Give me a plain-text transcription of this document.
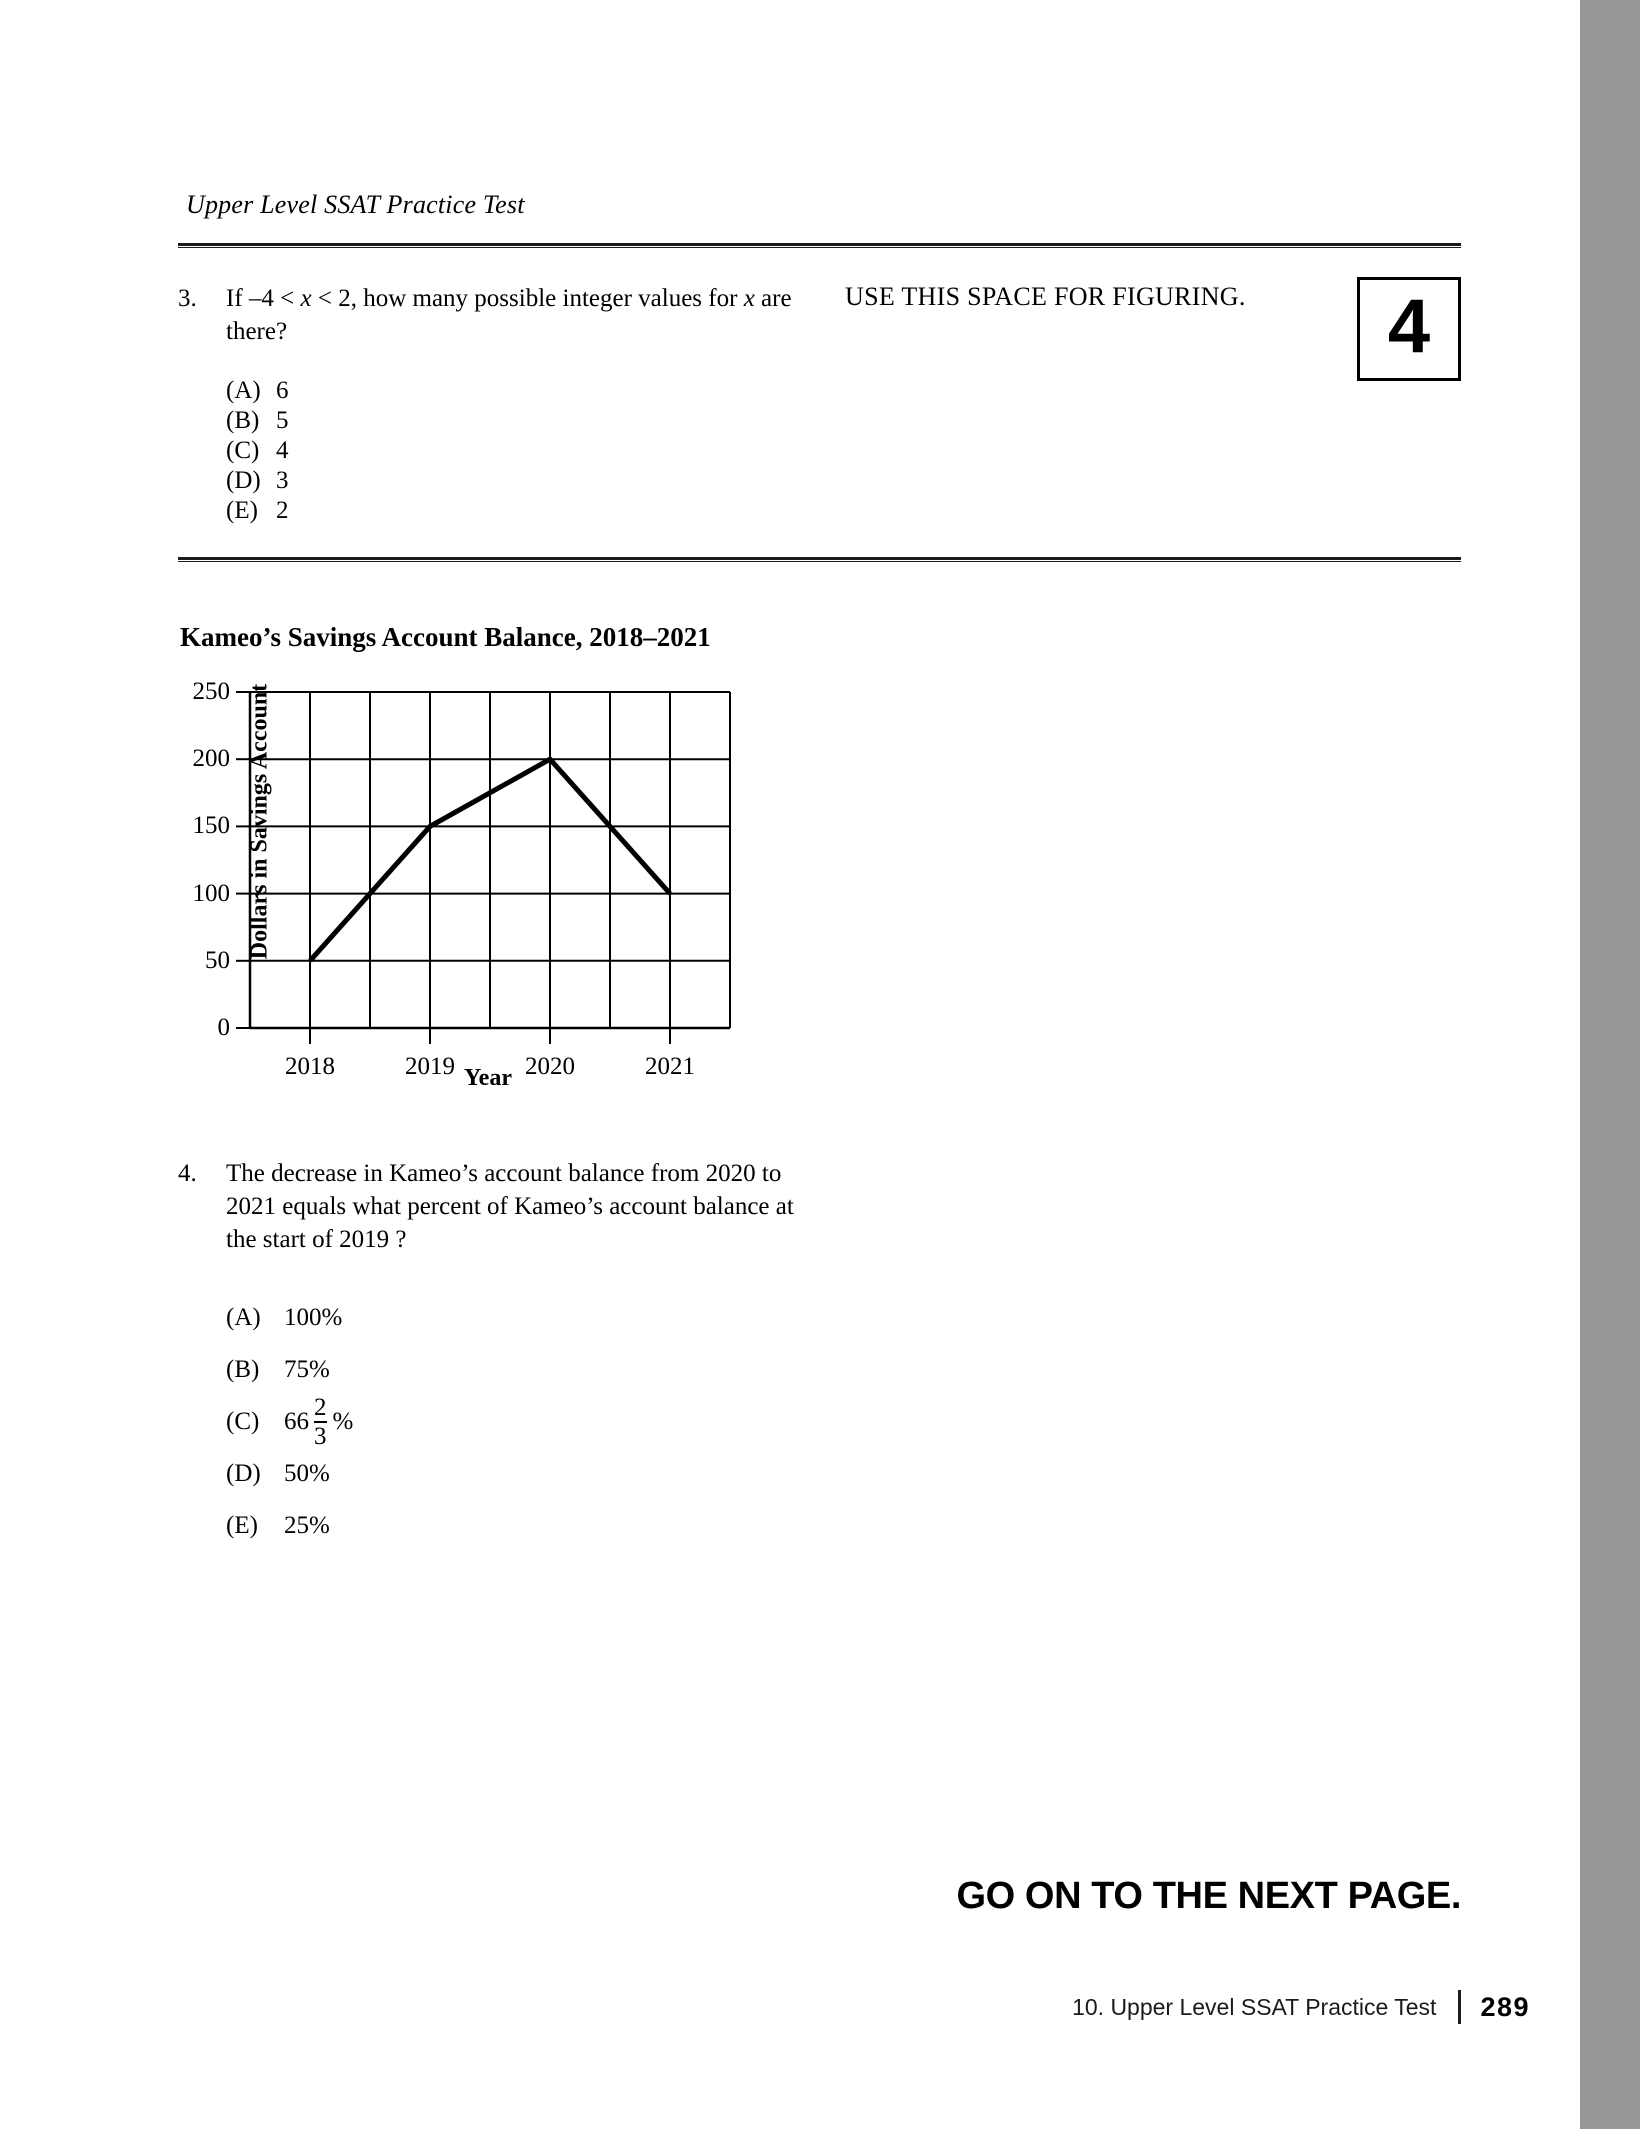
Upper Level SSAT Practice Test
3.	If –4 < x < 2, how many possible integer values for x are there?
(A) 6
(B) 5
(C) 4
(D) 3
(E) 2
USE THIS SPACE FOR FIGURING. 4
Kameo’s Savings Account Balance, 2018–2021
Dollars in Savings Account
Year
0
50
100
150
200
250
2018	2019	2020	2021
4.	The decrease in Kameo’s account balance from 2020 to 2021 equals what percent of Kameo’s account balance at the start of 2019 ?
(A) 100%
(B) 75%
(C) $66 \frac{2}{3}$ %
(D) 50%
(E)	25%
GO ON TO THE NEXT PAGE.
10. Upper Level SSAT Practice Test 289
